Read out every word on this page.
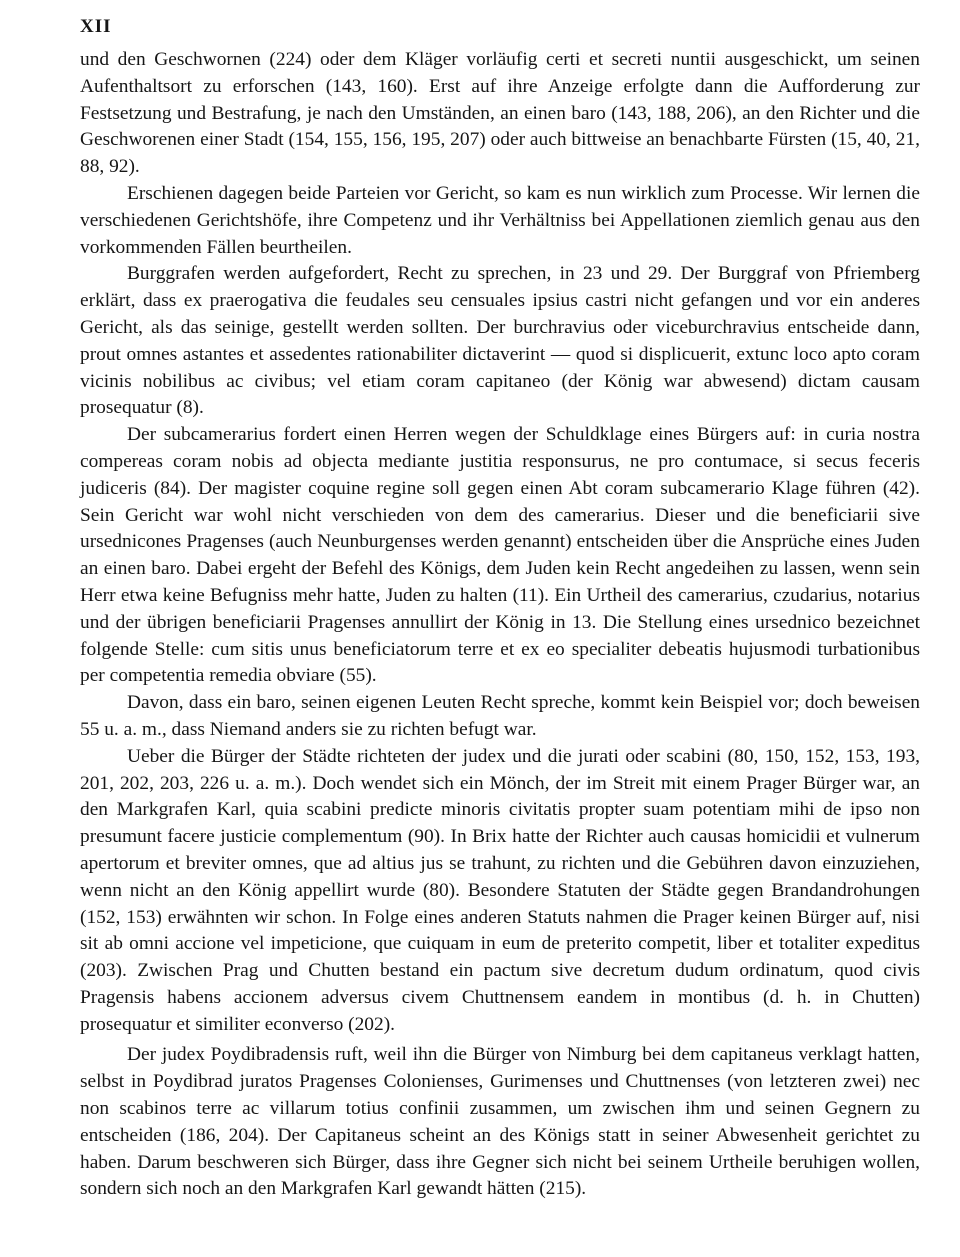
XII

und den Geschwornen (224) oder dem Kläger vorläufig certi et secreti nuntii ausgeschickt, um seinen Aufenthaltsort zu erforschen (143, 160). Erst auf ihre Anzeige erfolgte dann die Aufforderung zur Festsetzung und Bestrafung, je nach den Umständen, an einen baro (143, 188, 206), an den Richter und die Geschworenen einer Stadt (154, 155, 156, 195, 207) oder auch bittweise an benachbarte Fürsten (15, 40, 21, 88, 92).

Erschienen dagegen beide Parteien vor Gericht, so kam es nun wirklich zum Processe. Wir lernen die verschiedenen Gerichtshöfe, ihre Competenz und ihr Verhältniss bei Appellationen ziemlich genau aus den vorkommenden Fällen beurtheilen.

Burggrafen werden aufgefordert, Recht zu sprechen, in 23 und 29. Der Burggraf von Pfriemberg erklärt, dass ex praerogativa die feudales seu censuales ipsius castri nicht gefangen und vor ein anderes Gericht, als das seinige, gestellt werden sollten. Der burchravius oder viceburchravius entscheide dann, prout omnes astantes et assedentes rationabiliter dictaverint — quod si displicuerit, extunc loco apto coram vicinis nobilibus ac civibus; vel etiam coram capitaneo (der König war abwesend) dictam causam prosequatur (8).

Der subcamerarius fordert einen Herren wegen der Schuldklage eines Bürgers auf: in curia nostra compereas coram nobis ad objecta mediante justitia responsurus, ne pro contumace, si secus feceris judiceris (84). Der magister coquine regine soll gegen einen Abt coram subcamerario Klage führen (42). Sein Gericht war wohl nicht verschieden von dem des camerarius. Dieser und die beneficiarii sive ursednicones Pragenses (auch Neunburgenses werden genannt) entscheiden über die Ansprüche eines Juden an einen baro. Dabei ergeht der Befehl des Königs, dem Juden kein Recht angedeihen zu lassen, wenn sein Herr etwa keine Befugniss mehr hatte, Juden zu halten (11). Ein Urtheil des camerarius, czudarius, notarius und der übrigen beneficiarii Pragenses annullirt der König in 13. Die Stellung eines ursednico bezeichnet folgende Stelle: cum sitis unus beneficiatorum terre et ex eo specialiter debeatis hujusmodi turbationibus per competentia remedia obviare (55).

Davon, dass ein baro, seinen eigenen Leuten Recht spreche, kommt kein Beispiel vor; doch beweisen 55 u. a. m., dass Niemand anders sie zu richten befugt war.

Ueber die Bürger der Städte richteten der judex und die jurati oder scabini (80, 150, 152, 153, 193, 201, 202, 203, 226 u. a. m.). Doch wendet sich ein Mönch, der im Streit mit einem Prager Bürger war, an den Markgrafen Karl, quia scabini predicte minoris civitatis propter suam potentiam mihi de ipso non presumunt facere justicie complementum (90). In Brix hatte der Richter auch causas homicidii et vulnerum apertorum et breviter omnes, que ad altius jus se trahunt, zu richten und die Gebühren davon einzuziehen, wenn nicht an den König appellirt wurde (80). Besondere Statuten der Städte gegen Brandandrohungen (152, 153) erwähnten wir schon. In Folge eines anderen Statuts nahmen die Prager keinen Bürger auf, nisi sit ab omni accione vel impeticione, que cuiquam in eum de preterito competit, liber et totaliter expeditus (203). Zwischen Prag und Chutten bestand ein pactum sive decretum dudum ordinatum, quod civis Pragensis habens accionem adversus civem Chuttnensem eandem in montibus (d. h. in Chutten) prosequatur et similiter econverso (202).

Der judex Poydibradensis ruft, weil ihn die Bürger von Nimburg bei dem capitaneus verklagt hatten, selbst in Poydibrad juratos Pragenses Colonienses, Gurimenses und Chuttnenses (von letzteren zwei) nec non scabinos terre ac villarum totius confinii zusammen, um zwischen ihm und seinen Gegnern zu entscheiden (186, 204). Der Capitaneus scheint an des Königs statt in seiner Abwesenheit gerichtet zu haben. Darum beschweren sich Bürger, dass ihre Gegner sich nicht bei seinem Urtheile beruhigen wollen, sondern sich noch an den Markgrafen Karl gewandt hätten (215).
